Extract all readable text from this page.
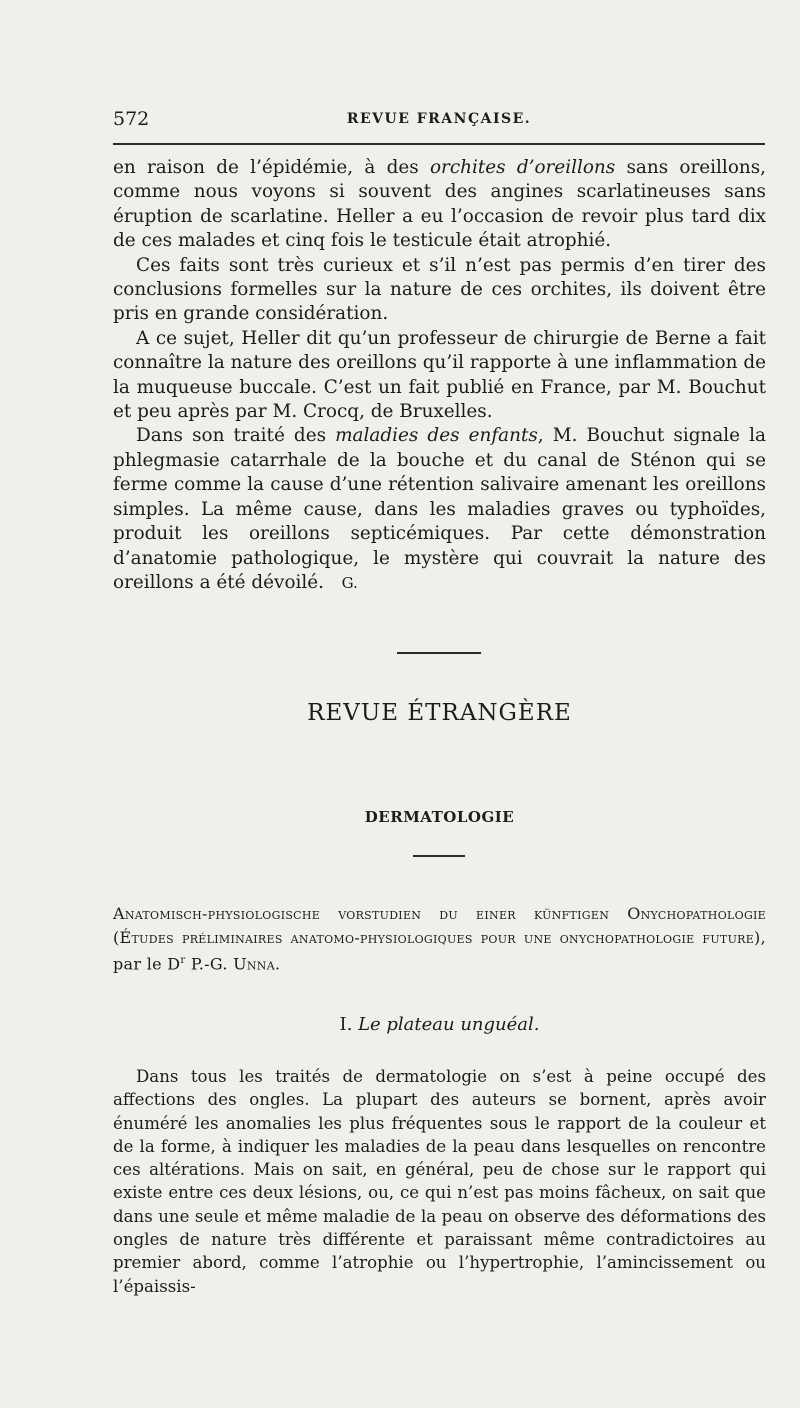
572	REVUE FRANÇAISE.

en raison de l’épidémie, à des orchites d’oreillons sans oreillons, comme nous voyons si souvent des angines scarlatineuses sans éruption de scarlatine. Heller a eu l’occasion de revoir plus tard dix de ces malades et cinq fois le testicule était atrophié.

Ces faits sont très curieux et s’il n’est pas permis d’en tirer des conclusions formelles sur la nature de ces orchites, ils doivent être pris en grande considération.

A ce sujet, Heller dit qu’un professeur de chirurgie de Berne a fait connaître la nature des oreillons qu’il rapporte à une inflammation de la muqueuse buccale. C’est un fait publié en France, par M. Bouchut et peu après par M. Crocq, de Bruxelles.

Dans son traité des maladies des enfants, M. Bouchut signale la phlegmasie catarrhale de la bouche et du canal de Sténon qui se ferme comme la cause d’une rétention salivaire amenant les oreillons simples. La même cause, dans les maladies graves ou typhoïdes, produit les oreillons septicémiques. Par cette démonstration d’anatomie pathologique, le mystère qui couvrait la nature des oreillons a été dévoilé. G.

REVUE ÉTRANGÈRE
DERMATOLOGIE
Anatomisch-physiologische vorstudien du einer künftigen Onychopathologie (Études préliminaires anatomo-physiologiques pour une onychopathologie future), par le $D^r$ P.-G. Unna.
I. Le plateau unguéal.

Dans tous les traités de dermatologie on s’est à peine occupé des affections des ongles. La plupart des auteurs se bornent, après avoir énuméré les anomalies les plus fréquentes sous le rapport de la couleur et de la forme, à indiquer les maladies de la peau dans lesquelles on rencontre ces altérations. Mais on sait, en général, peu de chose sur le rapport qui existe entre ces deux lésions, ou, ce qui n’est pas moins fâcheux, on sait que dans une seule et même maladie de la peau on observe des déformations des ongles de nature très différente et paraissant même contradictoires au premier abord, comme l’atrophie ou l’hypertrophie, l’amincissement ou l’épaissis-
